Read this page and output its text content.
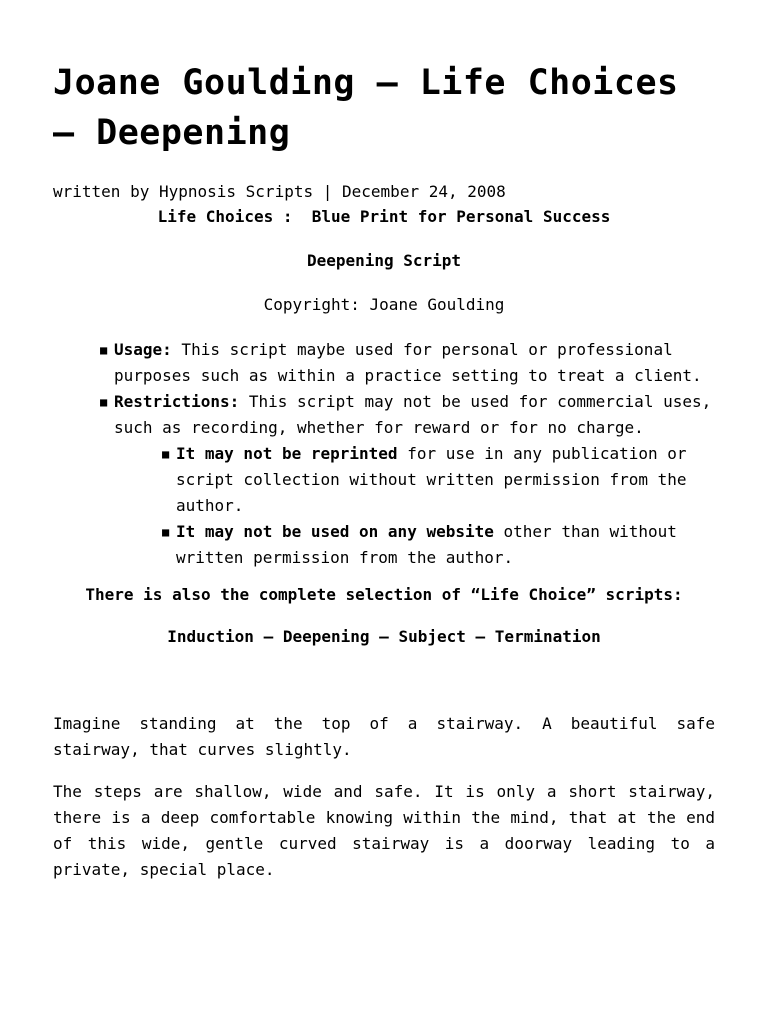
Joane Goulding – Life Choices – Deepening
written by Hypnosis Scripts | December 24, 2008
Life Choices :  Blue Print for Personal Success
Deepening Script
Copyright: Joane Goulding
■ Usage: This script maybe used for personal or professional purposes such as within a practice setting to treat a client.
■ Restrictions: This script may not be used for commercial uses, such as recording, whether for reward or for no charge.
■ It may not be reprinted for use in any publication or script collection without written permission from the author.
■ It may not be used on any website other than without written permission from the author.
There is also the complete selection of “Life Choice” scripts:
Induction – Deepening – Subject – Termination

Imagine standing at the top of a stairway. A beautiful safe stairway, that curves slightly.

The steps are shallow, wide and safe. It is only a short stairway, there is a deep comfortable knowing within the mind, that at the end of this wide, gentle curved stairway is a doorway leading to a private, special place.
